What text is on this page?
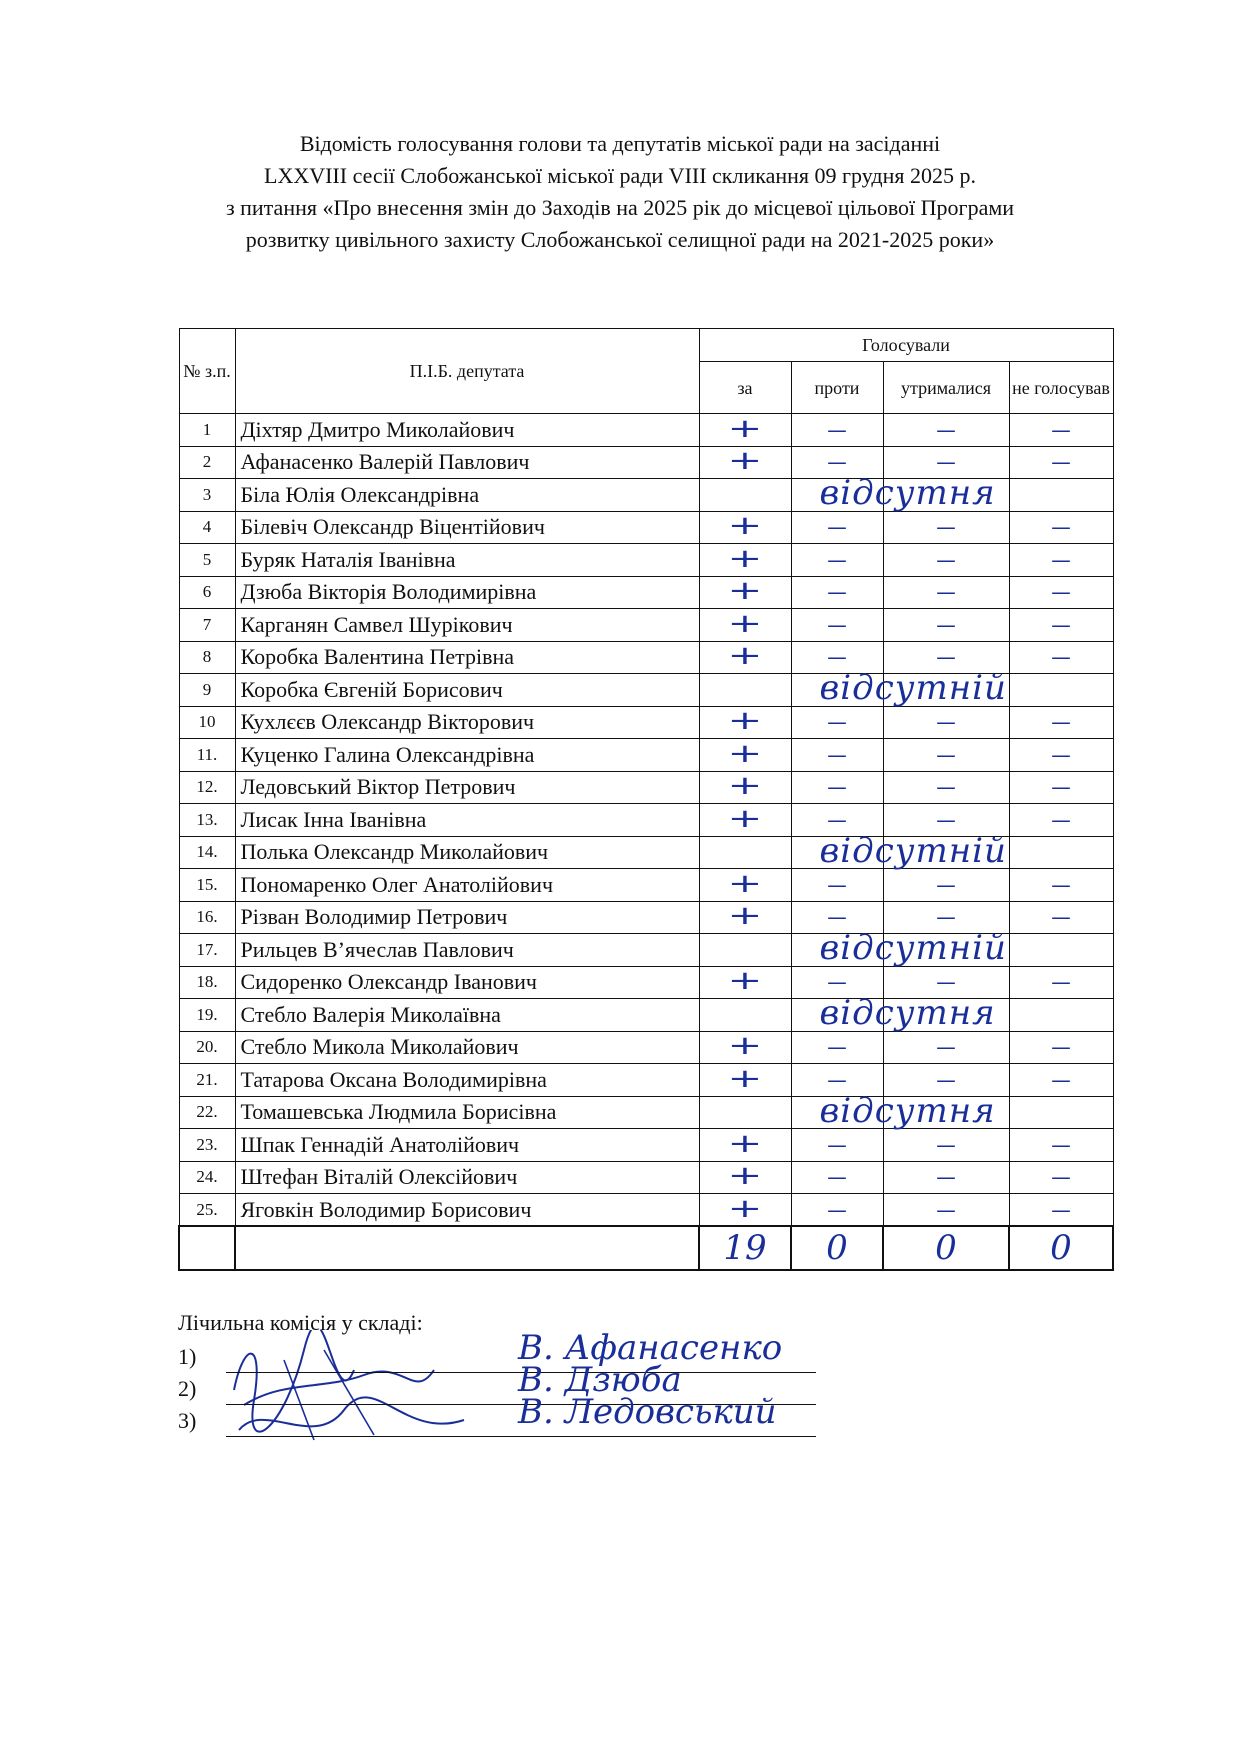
Відомість голосування голови та депутатів міської ради на засіданні
LXXVIII сесії Слобожанської міської ради VIII скликання 09 грудня 2025 р.
з питання «Про внесення змін до Заходів на 2025 рік до місцевої цільової Програми
розвитку цивільного захисту Слобожанської селищної ради на 2021-2025 роки»
№ з.п.	П.І.Б. депутата	Голосували			
		за	проти	утрималися	не голосував
1	Діхтяр Дмитро Миколайович	+	–	–	–
2	Афанасенко Валерій Павлович	+	–	–	–
3	Біла Юлія Олександрівна	відсутня			

4	Білевіч Олександр Віцентійович	+	–	–	–
5	Буряк Наталія Іванівна	+	–	–	–
6	Дзюба Вікторія Володимирівна	+	–	–	–
7	Карганян Самвел Шурікович	+	–	–	–
8	Коробка Валентина Петрівна	+	–	–	–
9	Коробка Євгеній Борисович	відсутній			

10	Кухлєєв Олександр Вікторович	+	–	–	–
11.	Куценко Галина Олександрівна	+	–	–	–
12.	Ледовський Віктор Петрович	+	–	–	–
13.	Лисак Інна Іванівна	+	–	–	–
14.	Полька Олександр Миколайович	відсутній			

15.	Пономаренко Олег Анатолійович	+	–	–	–
16.	Різван Володимир Петрович	+	–	–	–
17.	Рильцев В’ячеслав Павлович	відсутній			

18.	Сидоренко Олександр Іванович	+	–	–	–
19.	Стебло Валерія Миколаївна	відсутня			

20.	Стебло Микола Миколайович	+	–	–	–
21.	Татарова Оксана Володимирівна	+	–	–	–
22.	Томашевська Людмила Борисівна	відсутня			

23.	Шпак Геннадій Анатолійович	+	–	–	–
24.	Штефан Віталій Олексійович	+	–	–	–
25.	Яговкін Володимир Борисович	+	–	–	–
		19	0	0	0
Лічильна комісія у складі:
1)	В. Афанасенко
2)	В. Дзюба
3)	В. Ледовський
